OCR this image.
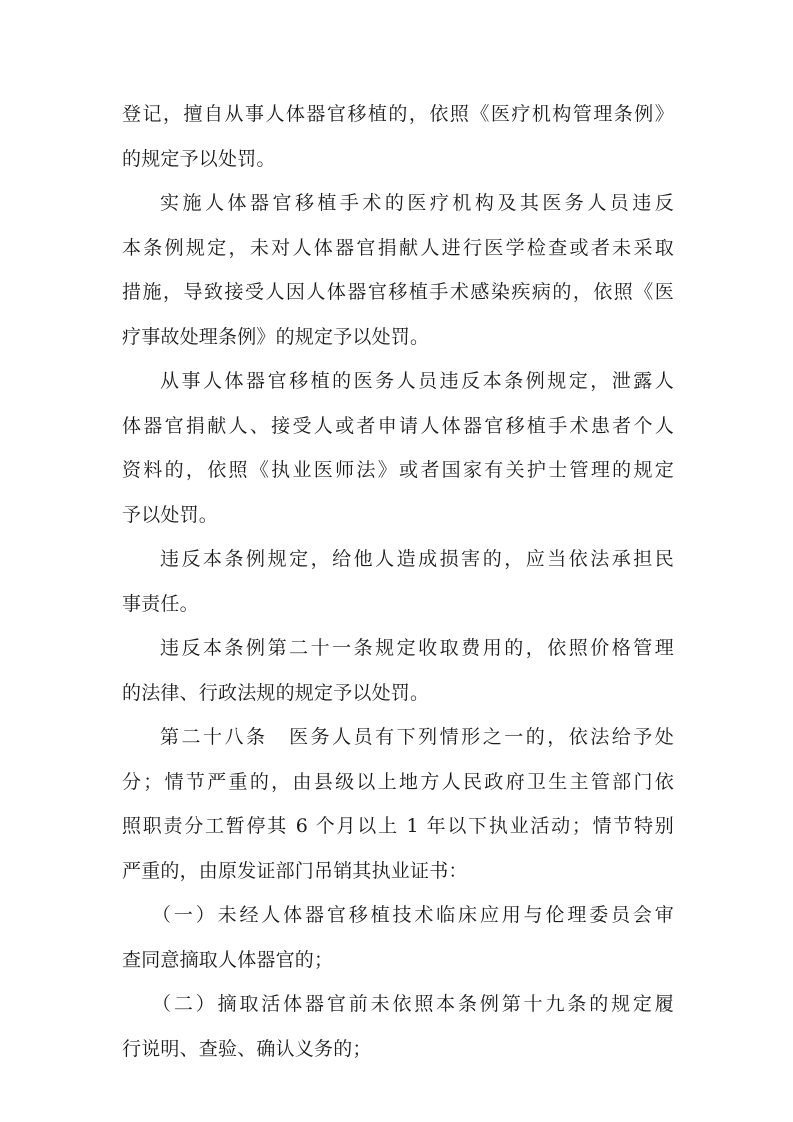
登记，擅自从事人体器官移植的，依照《医疗机构管理条例》
的规定予以处罚。
实施人体器官移植手术的医疗机构及其医务人员违反
本条例规定，未对人体器官捐献人进行医学检查或者未采取
措施，导致接受人因人体器官移植手术感染疾病的，依照《医
疗事故处理条例》的规定予以处罚。
从事人体器官移植的医务人员违反本条例规定，泄露人
体器官捐献人、接受人或者申请人体器官移植手术患者个人
资料的，依照《执业医师法》或者国家有关护士管理的规定
予以处罚。
违反本条例规定，给他人造成损害的，应当依法承担民
事责任。
违反本条例第二十一条规定收取费用的，依照价格管理
的法律、行政法规的规定予以处罚。
第二十八条　医务人员有下列情形之一的，依法给予处
分；情节严重的，由县级以上地方人民政府卫生主管部门依
照职责分工暂停其 6 个月以上 1 年以下执业活动；情节特别
严重的，由原发证部门吊销其执业证书：
（一）未经人体器官移植技术临床应用与伦理委员会审
查同意摘取人体器官的；
（二）摘取活体器官前未依照本条例第十九条的规定履
行说明、查验、确认义务的；
